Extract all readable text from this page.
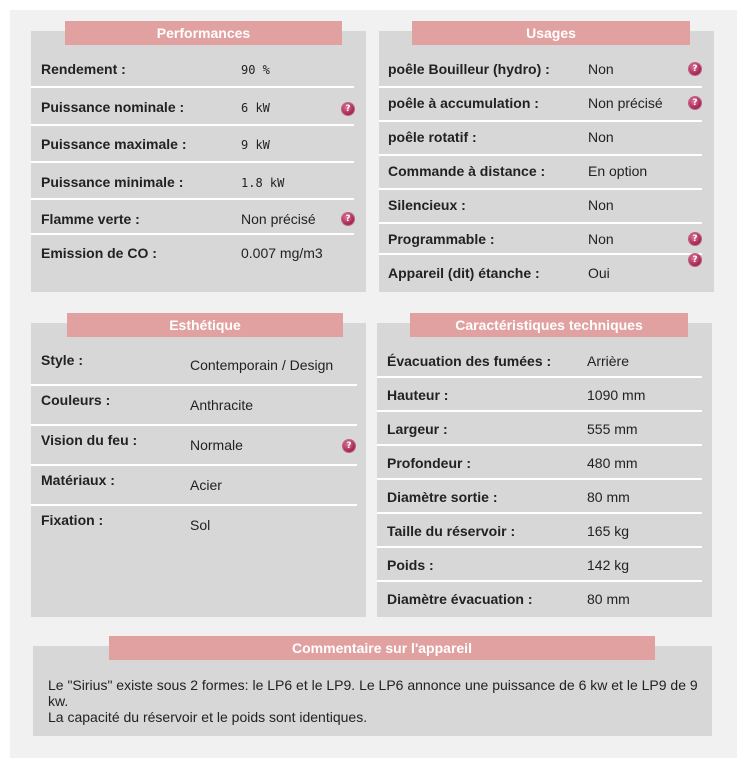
Performances
Rendement :	90 %
Puissance nominale :	6 kW	?
Puissance maximale :	9 kW
Puissance minimale :	1.8 kW
Flamme verte :	Non précisé	?
Emission de CO :	0.007 mg/m3
Usages
poêle Bouilleur (hydro) :	Non	?
poêle à accumulation :	Non précisé	?
poêle rotatif :	Non
Commande à distance :	En option
Silencieux :	Non
Programmable :	Non	?
Appareil (dit) étanche :	Oui
?
Esthétique
Style :	Contemporain / Design
Couleurs :	Anthracite
Vision du feu :	Normale	?
Matériaux :	Acier
Fixation :	Sol
Caractéristiques techniques
Évacuation des fumées :	Arrière
Hauteur :	1090 mm
Largeur :	555 mm
Profondeur :	480 mm
Diamètre sortie :	80 mm
Taille du réservoir :	165 kg
Poids :	142 kg
Diamètre évacuation :	80 mm
Commentaire sur l'appareil
Le "Sirius" existe sous 2 formes: le LP6 et le LP9. Le LP6 annonce une puissance de 6 kw et le LP9 de 9 kw.
La capacité du réservoir et le poids sont identiques.
